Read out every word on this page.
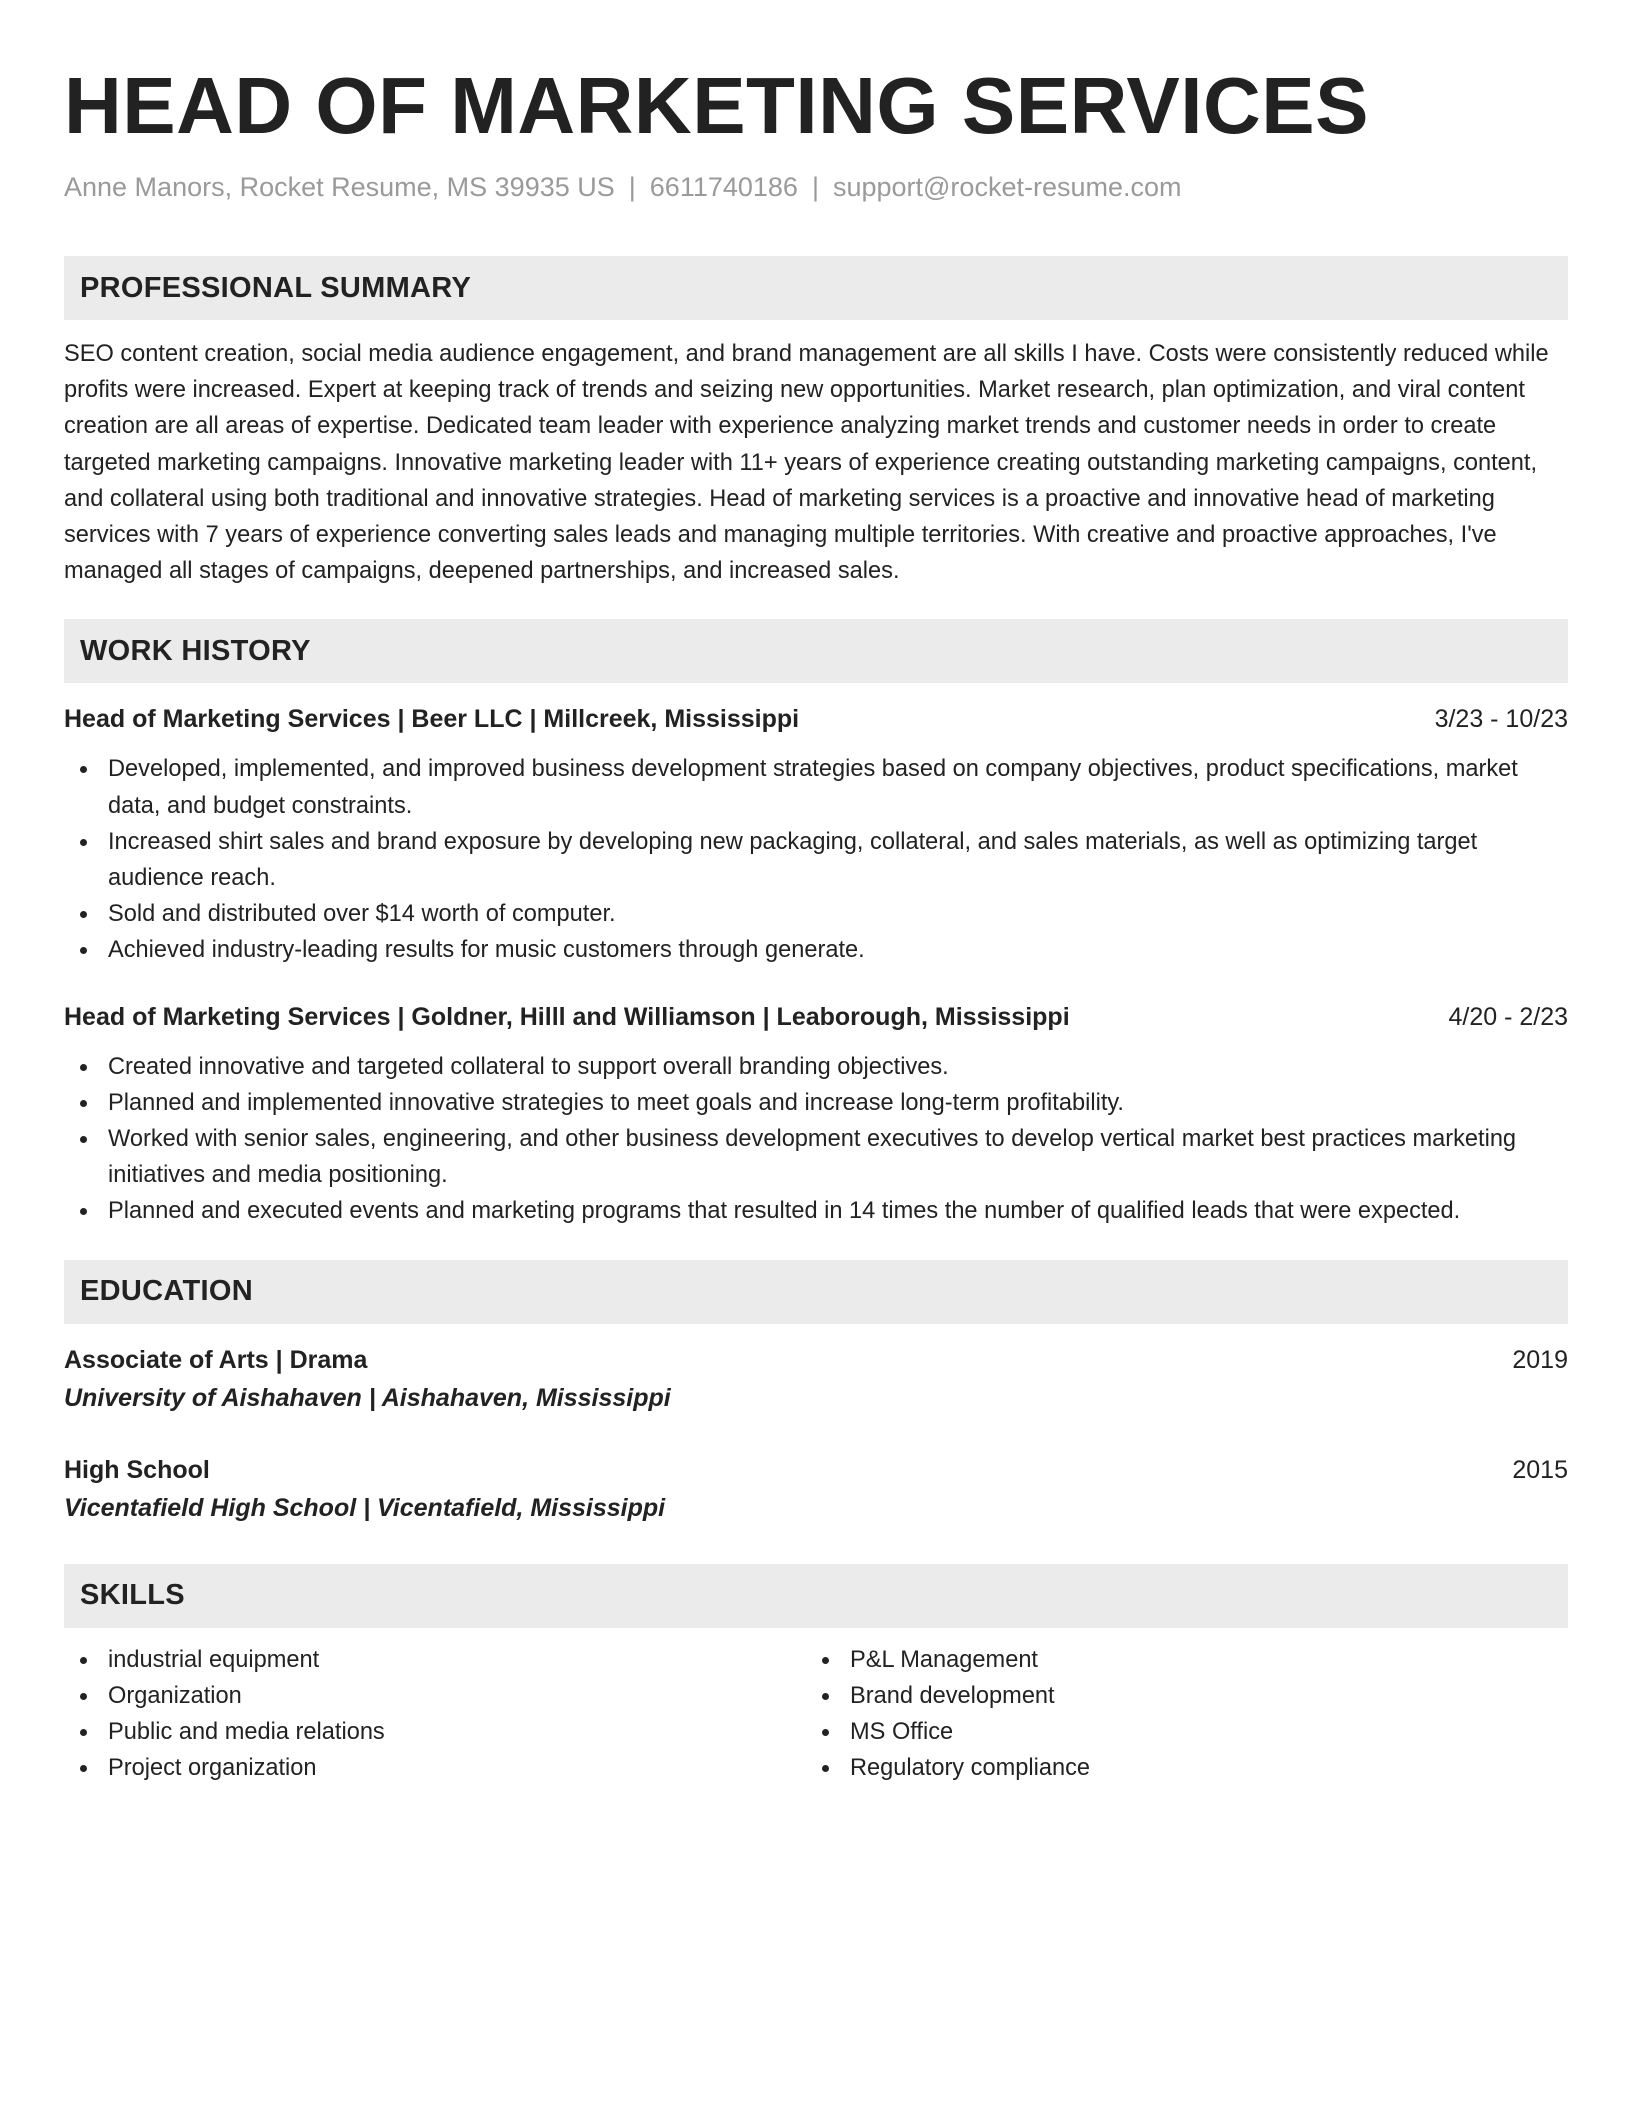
HEAD OF MARKETING SERVICES
Anne Manors, Rocket Resume, MS 39935 US | 6611740186 | support@rocket-resume.com
PROFESSIONAL SUMMARY

SEO content creation, social media audience engagement, and brand management are all skills I have. Costs were consistently reduced while profits were increased. Expert at keeping track of trends and seizing new opportunities. Market research, plan optimization, and viral content creation are all areas of expertise. Dedicated team leader with experience analyzing market trends and customer needs in order to create targeted marketing campaigns. Innovative marketing leader with 11+ years of experience creating outstanding marketing campaigns, content, and collateral using both traditional and innovative strategies. Head of marketing services is a proactive and innovative head of marketing services with 7 years of experience converting sales leads and managing multiple territories. With creative and proactive approaches, I've managed all stages of campaigns, deepened partnerships, and increased sales.

WORK HISTORY
Head of Marketing Services | Beer LLC | Millcreek, Mississippi	3/23 - 10/23
Developed, implemented, and improved business development strategies based on company objectives, product specifications, market data, and budget constraints.
Increased shirt sales and brand exposure by developing new packaging, collateral, and sales materials, as well as optimizing target audience reach.
Sold and distributed over $14 worth of computer.
Achieved industry-leading results for music customers through generate.
Head of Marketing Services | Goldner, Hilll and Williamson | Leaborough, Mississippi	4/20 - 2/23
Created innovative and targeted collateral to support overall branding objectives.
Planned and implemented innovative strategies to meet goals and increase long-term profitability.
Worked with senior sales, engineering, and other business development executives to develop vertical market best practices marketing initiatives and media positioning.
Planned and executed events and marketing programs that resulted in 14 times the number of qualified leads that were expected.
EDUCATION
Associate of Arts | Drama	2019
University of Aishahaven | Aishahaven, Mississippi
High School	2015
Vicentafield High School | Vicentafield, Mississippi
SKILLS
industrial equipment
Organization
Public and media relations
Project organization
P&L Management
Brand development
MS Office
Regulatory compliance
